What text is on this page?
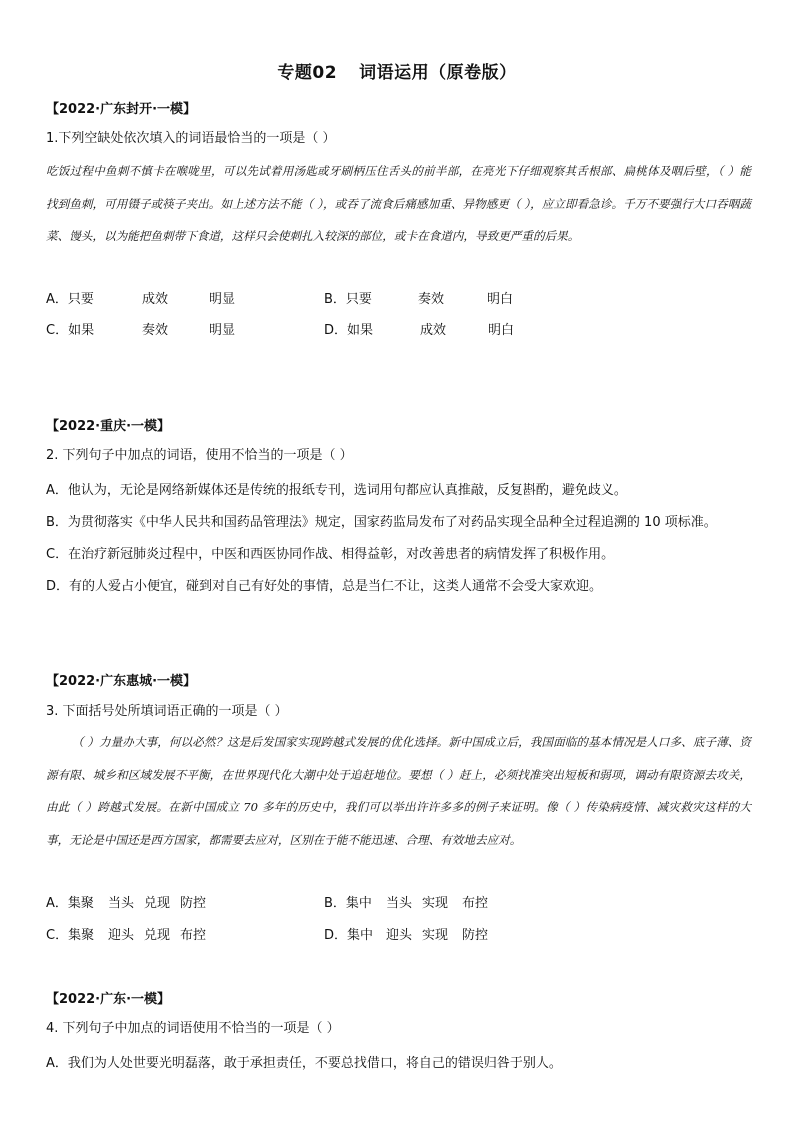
专题02 词语运用（原卷版）
【2022·广东封开·一模】
1.下列空缺处依次填入的词语最恰当的一项是（ ）
吃饭过程中鱼刺不慎卡在喉咙里，可以先试着用汤匙或牙刷柄压住舌头的前半部，在亮光下仔细观察其舌根部、扁桃体及咽后壁，（ ）能找到鱼刺，可用镊子或筷子夹出。如上述方法不能（ ），或吞了流食后痛感加重、异物感更（ ），应立即看急诊。千万不要强行大口吞咽蔬菜、馒头，以为能把鱼刺带下食道，这样只会使刺扎入较深的部位，或卡在食道内，导致更严重的后果。
A．只要	成效	明显	B．只要	奏效	明白
C．如果	奏效	明显	D．如果	成效	明白
【2022·重庆·一模】
2. 下列句子中加点的词语，使用不恰当的一项是（ ）
A．他认为，无论是网络新媒体还是传统的报纸专刊，选词用句都应认真推敲，反复斟酌，避免歧义。
B．为贯彻落实《中华人民共和国药品管理法》规定，国家药监局发布了对药品实现全品种全过程追溯的 10 项标准。
C．在治疗新冠肺炎过程中，中医和西医协同作战、相得益彰，对改善患者的病情发挥了积极作用。
D．有的人爱占小便宜，碰到对自己有好处的事情，总是当仁不让，这类人通常不会受大家欢迎。
【2022·广东惠城·一模】
3. 下面括号处所填词语正确的一项是（ ）
（ ）力量办大事，何以必然？这是后发国家实现跨越式发展的优化选择。新中国成立后，我国面临的基本情况是人口多、底子薄、资源有限、城乡和区域发展不平衡，在世界现代化大潮中处于追赶地位。要想（ ）赶上，必须找准突出短板和弱项，调动有限资源去攻关，由此（ ）跨越式发展。在新中国成立 70 多年的历史中，我们可以举出许许多多的例子来证明。像（ ）传染病疫情、减灾救灾这样的大事，无论是中国还是西方国家，都需要去应对，区别在于能不能迅速、合理、有效地去应对。
A．集聚 当头 兑现 防控	B．集中 当头 实现 布控
C．集聚 迎头 兑现 布控	D．集中 迎头 实现 防控
【2022·广东·一模】
4. 下列句子中加点的词语使用不恰当的一项是（ ）
A．我们为人处世要光明磊落，敢于承担责任，不要总找借口，将自己的错误归咎于别人。
